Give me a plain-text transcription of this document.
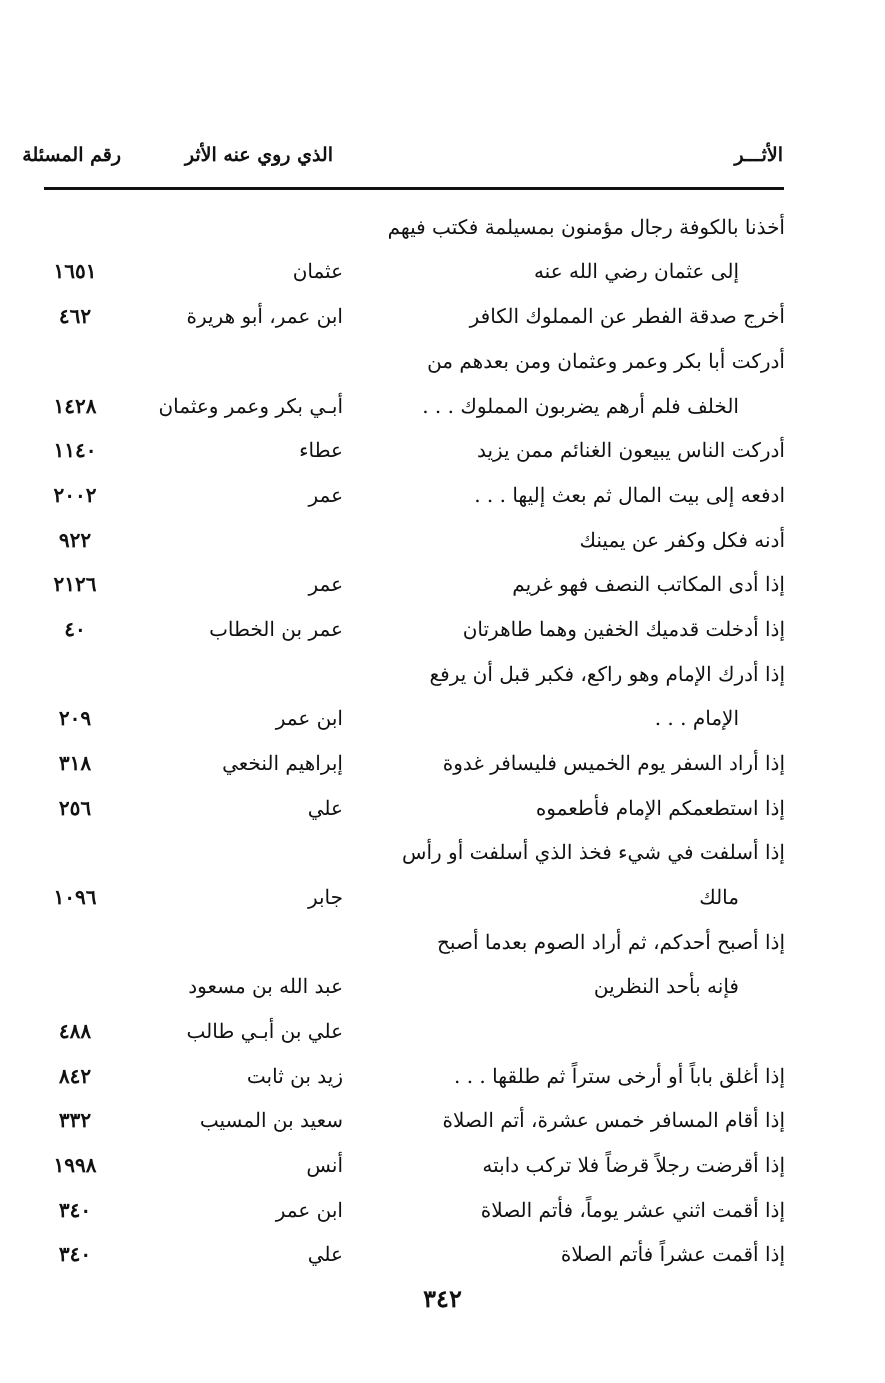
الأثـــر
الذي روي عنه الأثر
رقم المسئلة
أخذنا بالكوفة رجال مؤمنون بمسيلمة فكتب فيهم
إلى عثمان رضي الله عنه
عثمان
١٦٥١
أخرج صدقة الفطر عن المملوك الكافر
ابن عمر، أبو هريرة
٤٦٢
أدركت أبا بكر وعمر وعثمان ومن بعدهم من
الخلف فلم أرهم يضربون المملوك . . .
أبـي بكر وعمر وعثمان
١٤٢٨
أدركت الناس يبيعون الغنائم ممن يزيد
عطاء
١١٤٠
ادفعه إلى بيت المال ثم بعث إليها . . .
عمر
٢٠٠٢
أدنه فكل وكفر عن يمينك
٩٢٢
إذا أدى المكاتب النصف فهو غريم
عمر
٢١٢٦
إذا أدخلت قدميك الخفين وهما طاهرتان
عمر بن الخطاب
٤٠
إذا أدرك الإمام وهو راكع، فكبر قبل أن يرفع
الإمام . . .
ابن عمر
٢٠٩
إذا أراد السفر يوم الخميس فليسافر غدوة
إبراهيم النخعي
٣١٨
إذا استطعمكم الإمام فأطعموه
علي
٢٥٦
إذا أسلفت في شيء فخذ الذي أسلفت أو رأس
مالك
جابر
١٠٩٦
إذا أصبح أحدكم، ثم أراد الصوم بعدما أصبح
فإنه بأحد النظرين
عبد الله بن مسعود
علي بن أبـي طالب
٤٨٨
إذا أغلق باباً أو أرخى ستراً ثم طلقها . . .
زيد بن ثابت
٨٤٢
إذا أقام المسافر خمس عشرة، أتم الصلاة
سعيد بن المسيب
٣٣٢
إذا أقرضت رجلاً قرضاً فلا تركب دابته
أنس
١٩٩٨
إذا أقمت اثني عشر يوماً، فأتم الصلاة
ابن عمر
٣٤٠
إذا أقمت عشراً فأتم الصلاة
علي
٣٤٠
٣٤٢
